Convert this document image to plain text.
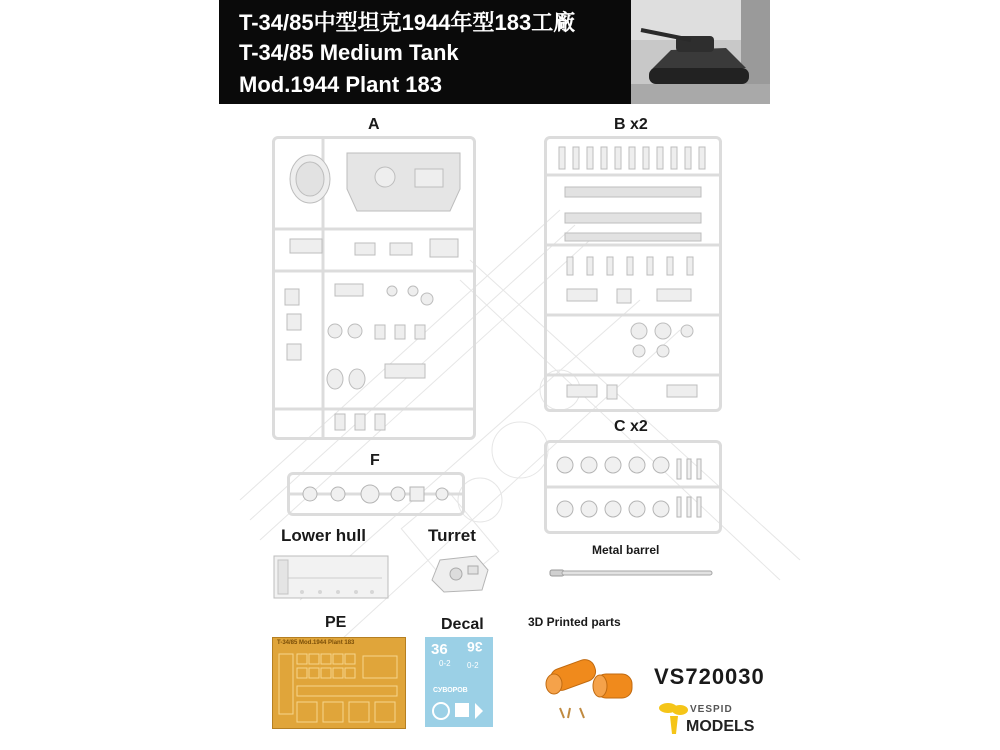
T-34/85中型坦克1944年型183工廠
T-34/85 Medium Tank
Mod.1944 Plant 183
A	B x2
C x2
F
Lower hull	Turret
Metal barrel
PE	Decal	3D Printed parts
T-34/85 Mod.1944 Plant 183	36 36
0-2 0-2
СУВОРОВ
VS720030
VESPID
MODELS
